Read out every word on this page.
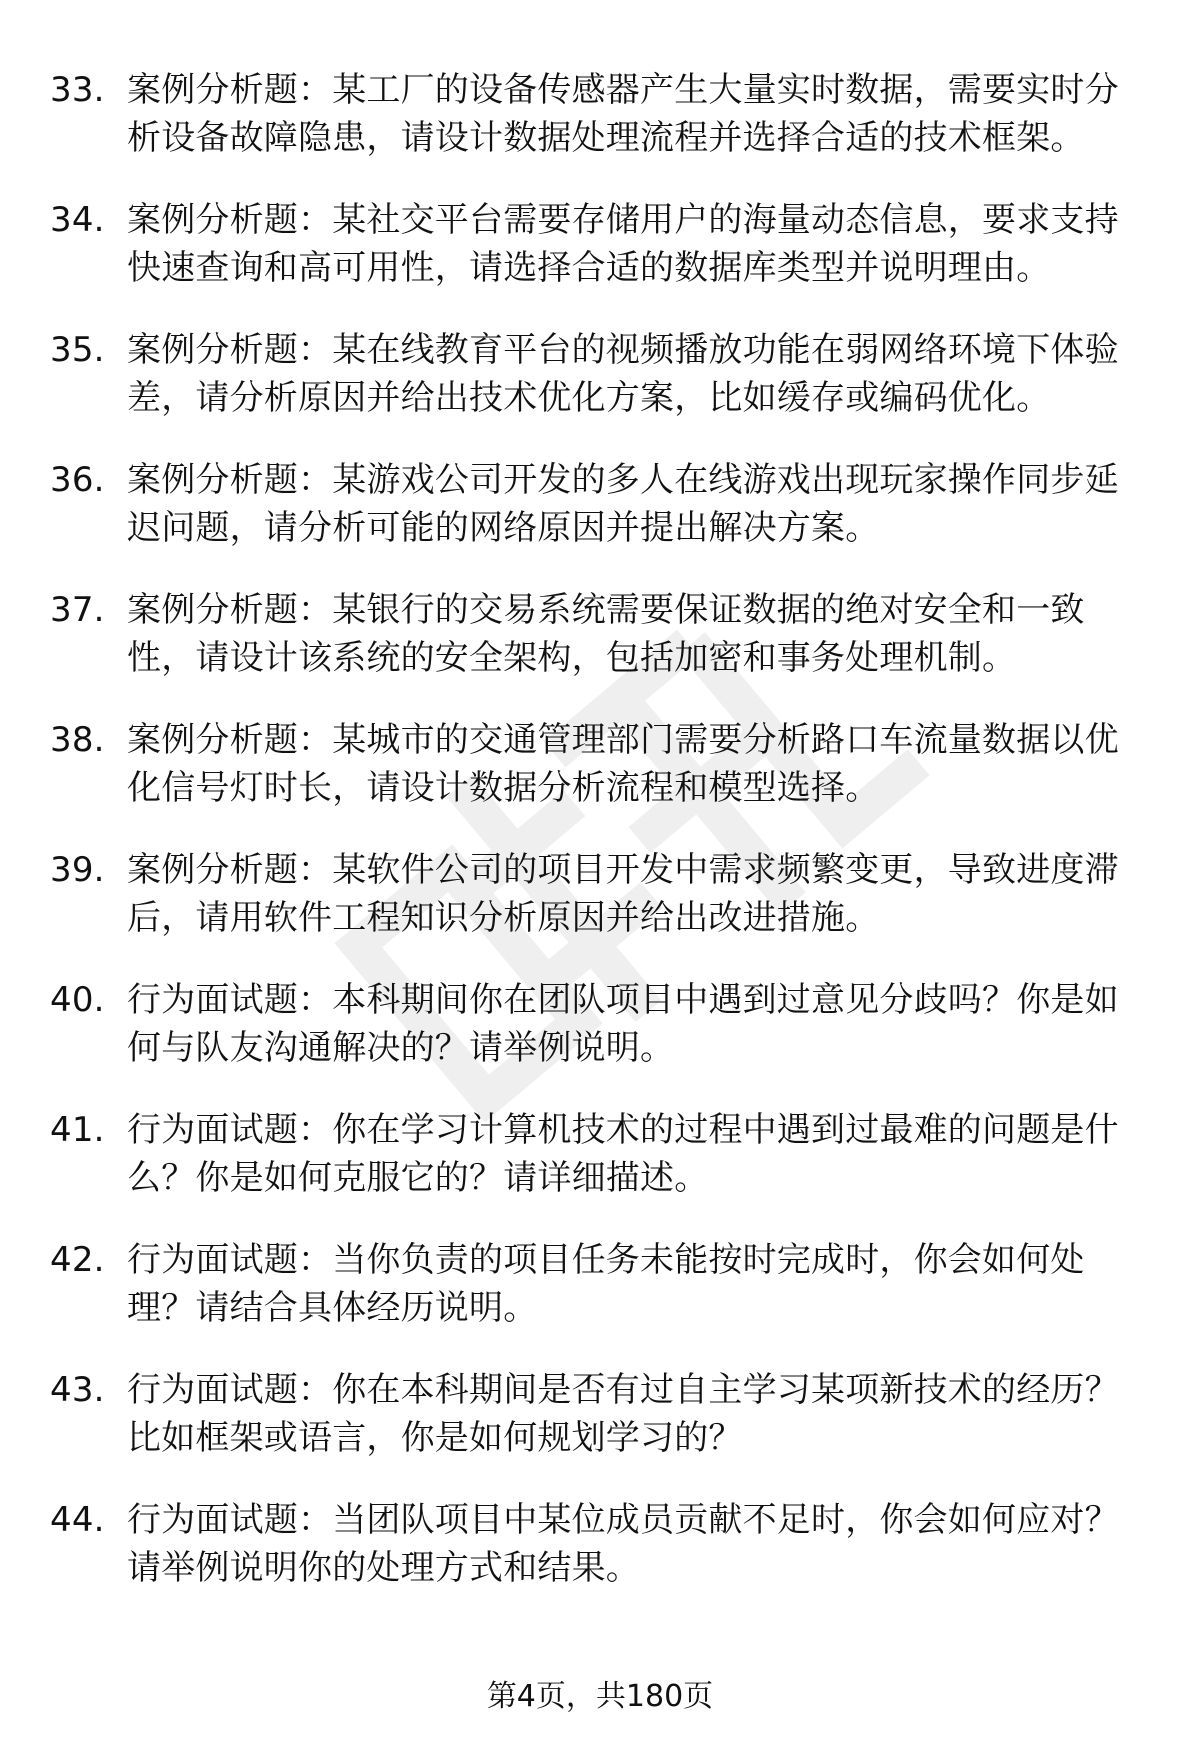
33. 案例分析题：某工厂的设备传感器产生大量实时数据，需要实时分析设备故障隐患，请设计数据处理流程并选择合适的技术框架。
34. 案例分析题：某社交平台需要存储用户的海量动态信息，要求支持快速查询和高可用性，请选择合适的数据库类型并说明理由。
35. 案例分析题：某在线教育平台的视频播放功能在弱网络环境下体验差，请分析原因并给出技术优化方案，比如缓存或编码优化。
36. 案例分析题：某游戏公司开发的多人在线游戏出现玩家操作同步延迟问题，请分析可能的网络原因并提出解决方案。
37. 案例分析题：某银行的交易系统需要保证数据的绝对安全和一致性，请设计该系统的安全架构，包括加密和事务处理机制。
38. 案例分析题：某城市的交通管理部门需要分析路口车流量数据以优化信号灯时长，请设计数据分析流程和模型选择。
39. 案例分析题：某软件公司的项目开发中需求频繁变更，导致进度滞后，请用软件工程知识分析原因并给出改进措施。
40. 行为面试题：本科期间你在团队项目中遇到过意见分歧吗？你是如何与队友沟通解决的？请举例说明。
41. 行为面试题：你在学习计算机技术的过程中遇到过最难的问题是什么？你是如何克服它的？请详细描述。
42. 行为面试题：当你负责的项目任务未能按时完成时，你会如何处理？请结合具体经历说明。
43. 行为面试题：你在本科期间是否有过自主学习某项新技术的经历？比如框架或语言，你是如何规划学习的？
44. 行为面试题：当团队项目中某位成员贡献不足时，你会如何应对？请举例说明你的处理方式和结果。
第4页，共180页
